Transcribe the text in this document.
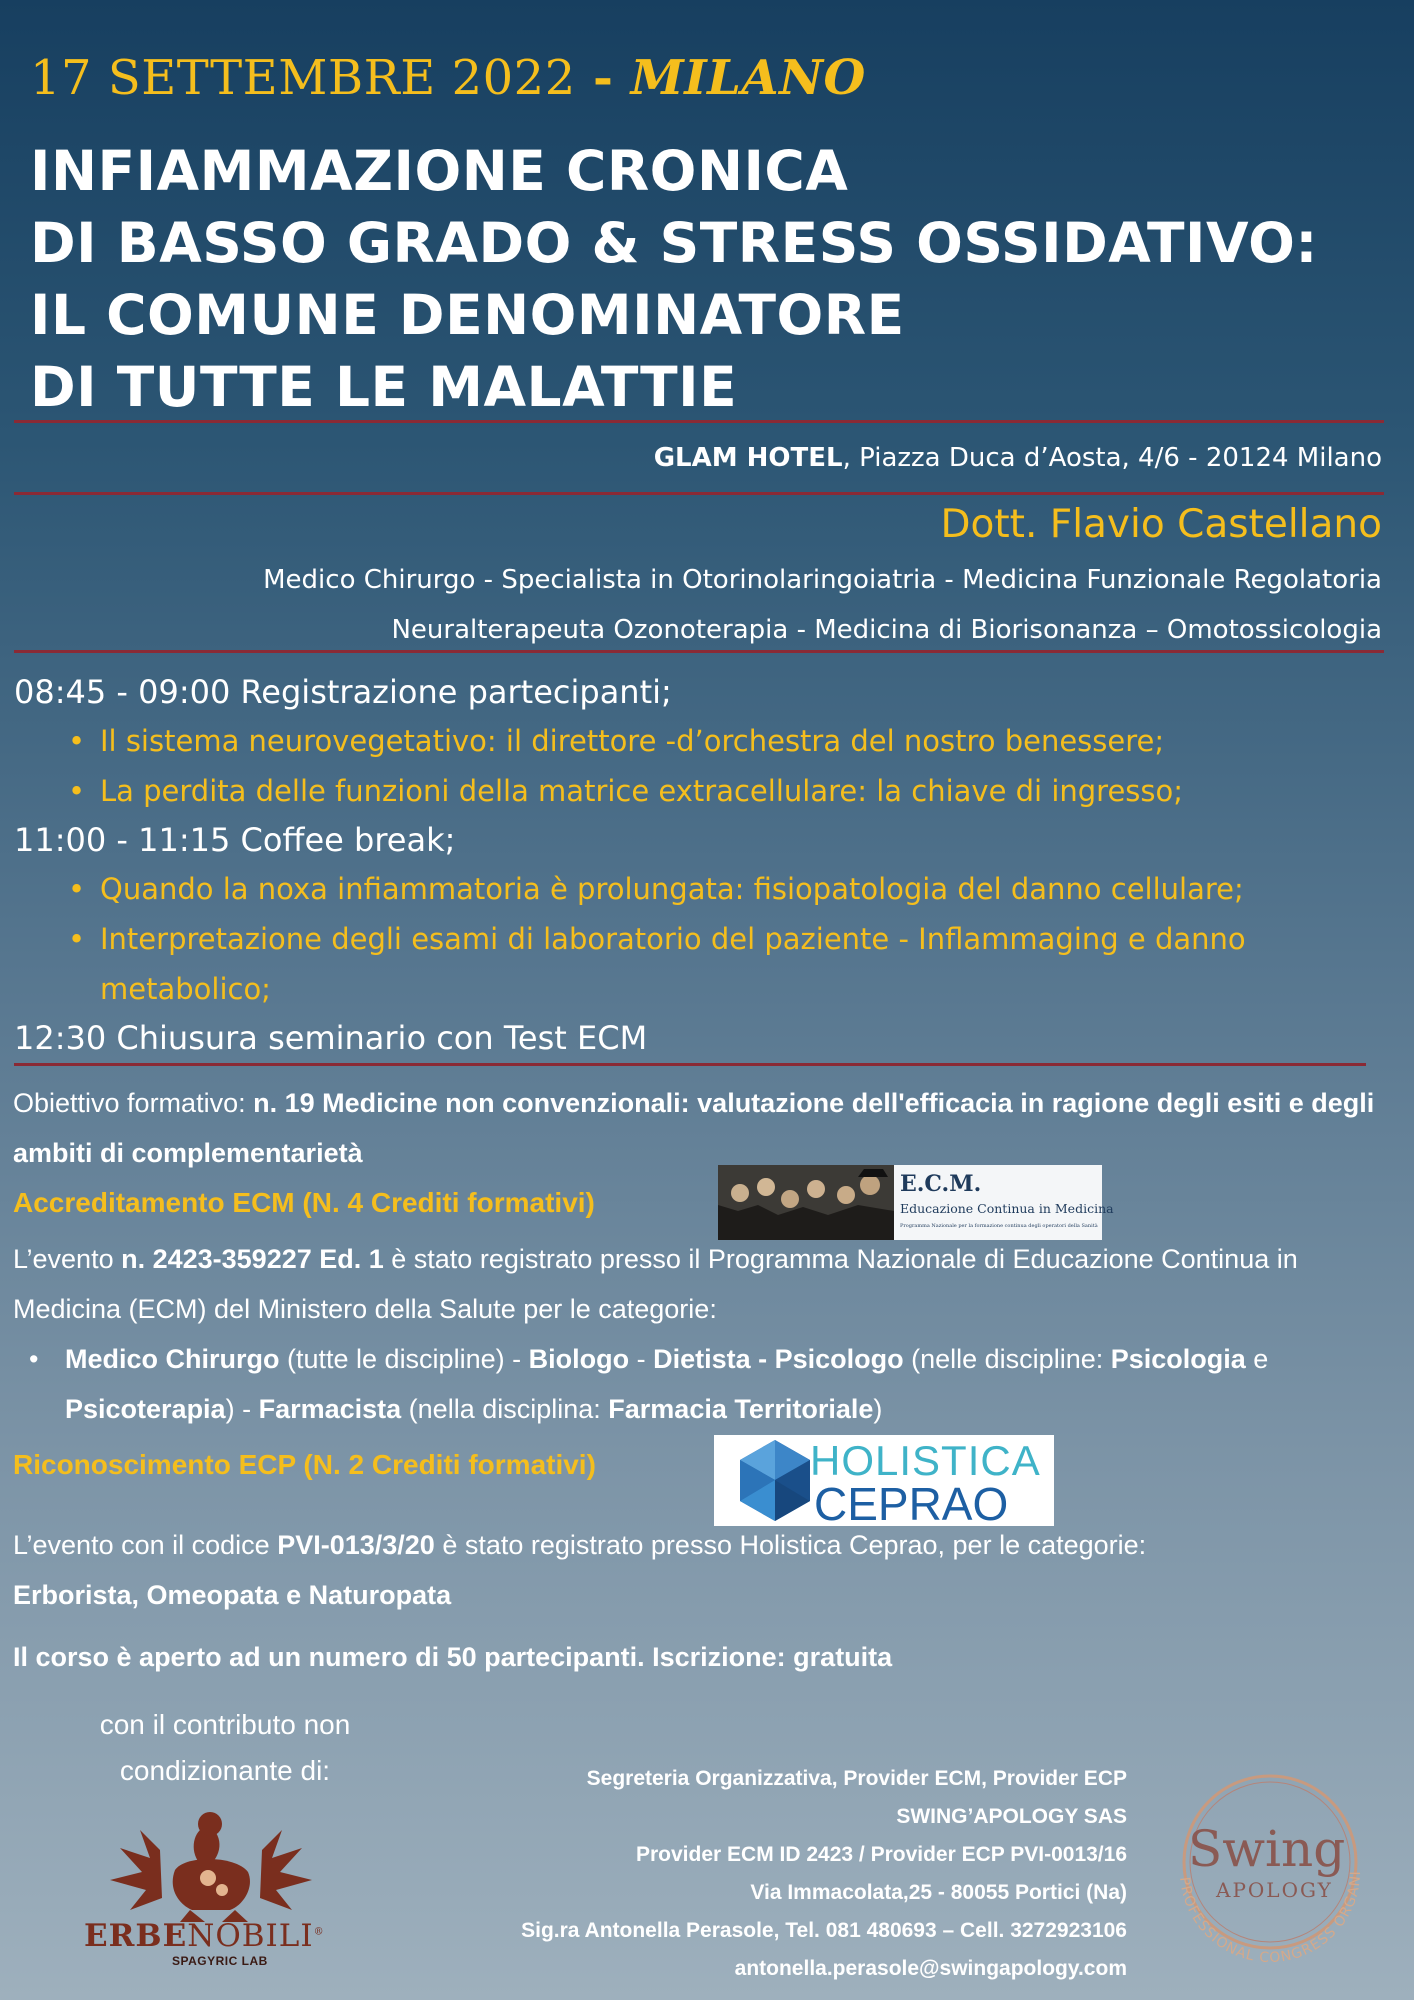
17 SETTEMBRE 2022 - MILANO
INFIAMMAZIONE CRONICA
DI BASSO GRADO & STRESS OSSIDATIVO:
IL COMUNE DENOMINATORE
DI TUTTE LE MALATTIE
GLAM HOTEL, Piazza Duca d’Aosta, 4/6 - 20124 Milano
Dott. Flavio Castellano
Medico Chirurgo - Specialista in Otorinolaringoiatria - Medicina Funzionale Regolatoria
Neuralterapeuta Ozonoterapia - Medicina di Biorisonanza – Omotossicologia
08:45 - 09:00 Registrazione partecipanti;
• Il sistema neurovegetativo: il direttore -d’orchestra del nostro benessere;
• La perdita delle funzioni della matrice extracellulare: la chiave di ingresso;
11:00 - 11:15 Coffee break;
• Quando la noxa infiammatoria è prolungata: fisiopatologia del danno cellulare;
• Interpretazione degli esami di laboratorio del paziente - Inflammaging e danno metabolico;
12:30 Chiusura seminario con Test ECM
Obiettivo formativo: n. 19 Medicine non convenzionali: valutazione dell'efficacia in ragione degli esiti e degli ambiti di complementarietà
Accreditamento ECM (N. 4 Crediti formativi)
L’evento n. 2423-359227 Ed. 1 è stato registrato presso il Programma Nazionale di Educazione Continua in Medicina (ECM) del Ministero della Salute per le categorie:
• Medico Chirurgo (tutte le discipline) - Biologo - Dietista - Psicologo (nelle discipline: Psicologia e Psicoterapia) - Farmacista (nella disciplina: Farmacia Territoriale)
Riconoscimento ECP (N. 2 Crediti formativi)
L’evento con il codice PVI-013/3/20 è stato registrato presso Holistica Ceprao, per le categorie:
Erborista, Omeopata e Naturopata
Il corso è aperto ad un numero di 50 partecipanti. Iscrizione: gratuita
E.C.M.
Educazione Continua in Medicina
Programma Nazionale per la formazione continua degli operatori della Sanità
HOLISTICA
CEPRAO
con il contributo non
condizionante di:
ERBENOBILI®
SPAGYRIC LAB
Segreteria Organizzativa, Provider ECM, Provider ECP
SWING’APOLOGY SAS
Provider ECM ID 2423 / Provider ECP PVI-0013/16
Via Immacolata,25 - 80055 Portici (Na)
Sig.ra Antonella Perasole, Tel. 081 480693 – Cell. 3272923106
antonella.perasole@swingapology.com
PROFESSIONAL CONGRESS ORGANI
Swing
APOLOGY
